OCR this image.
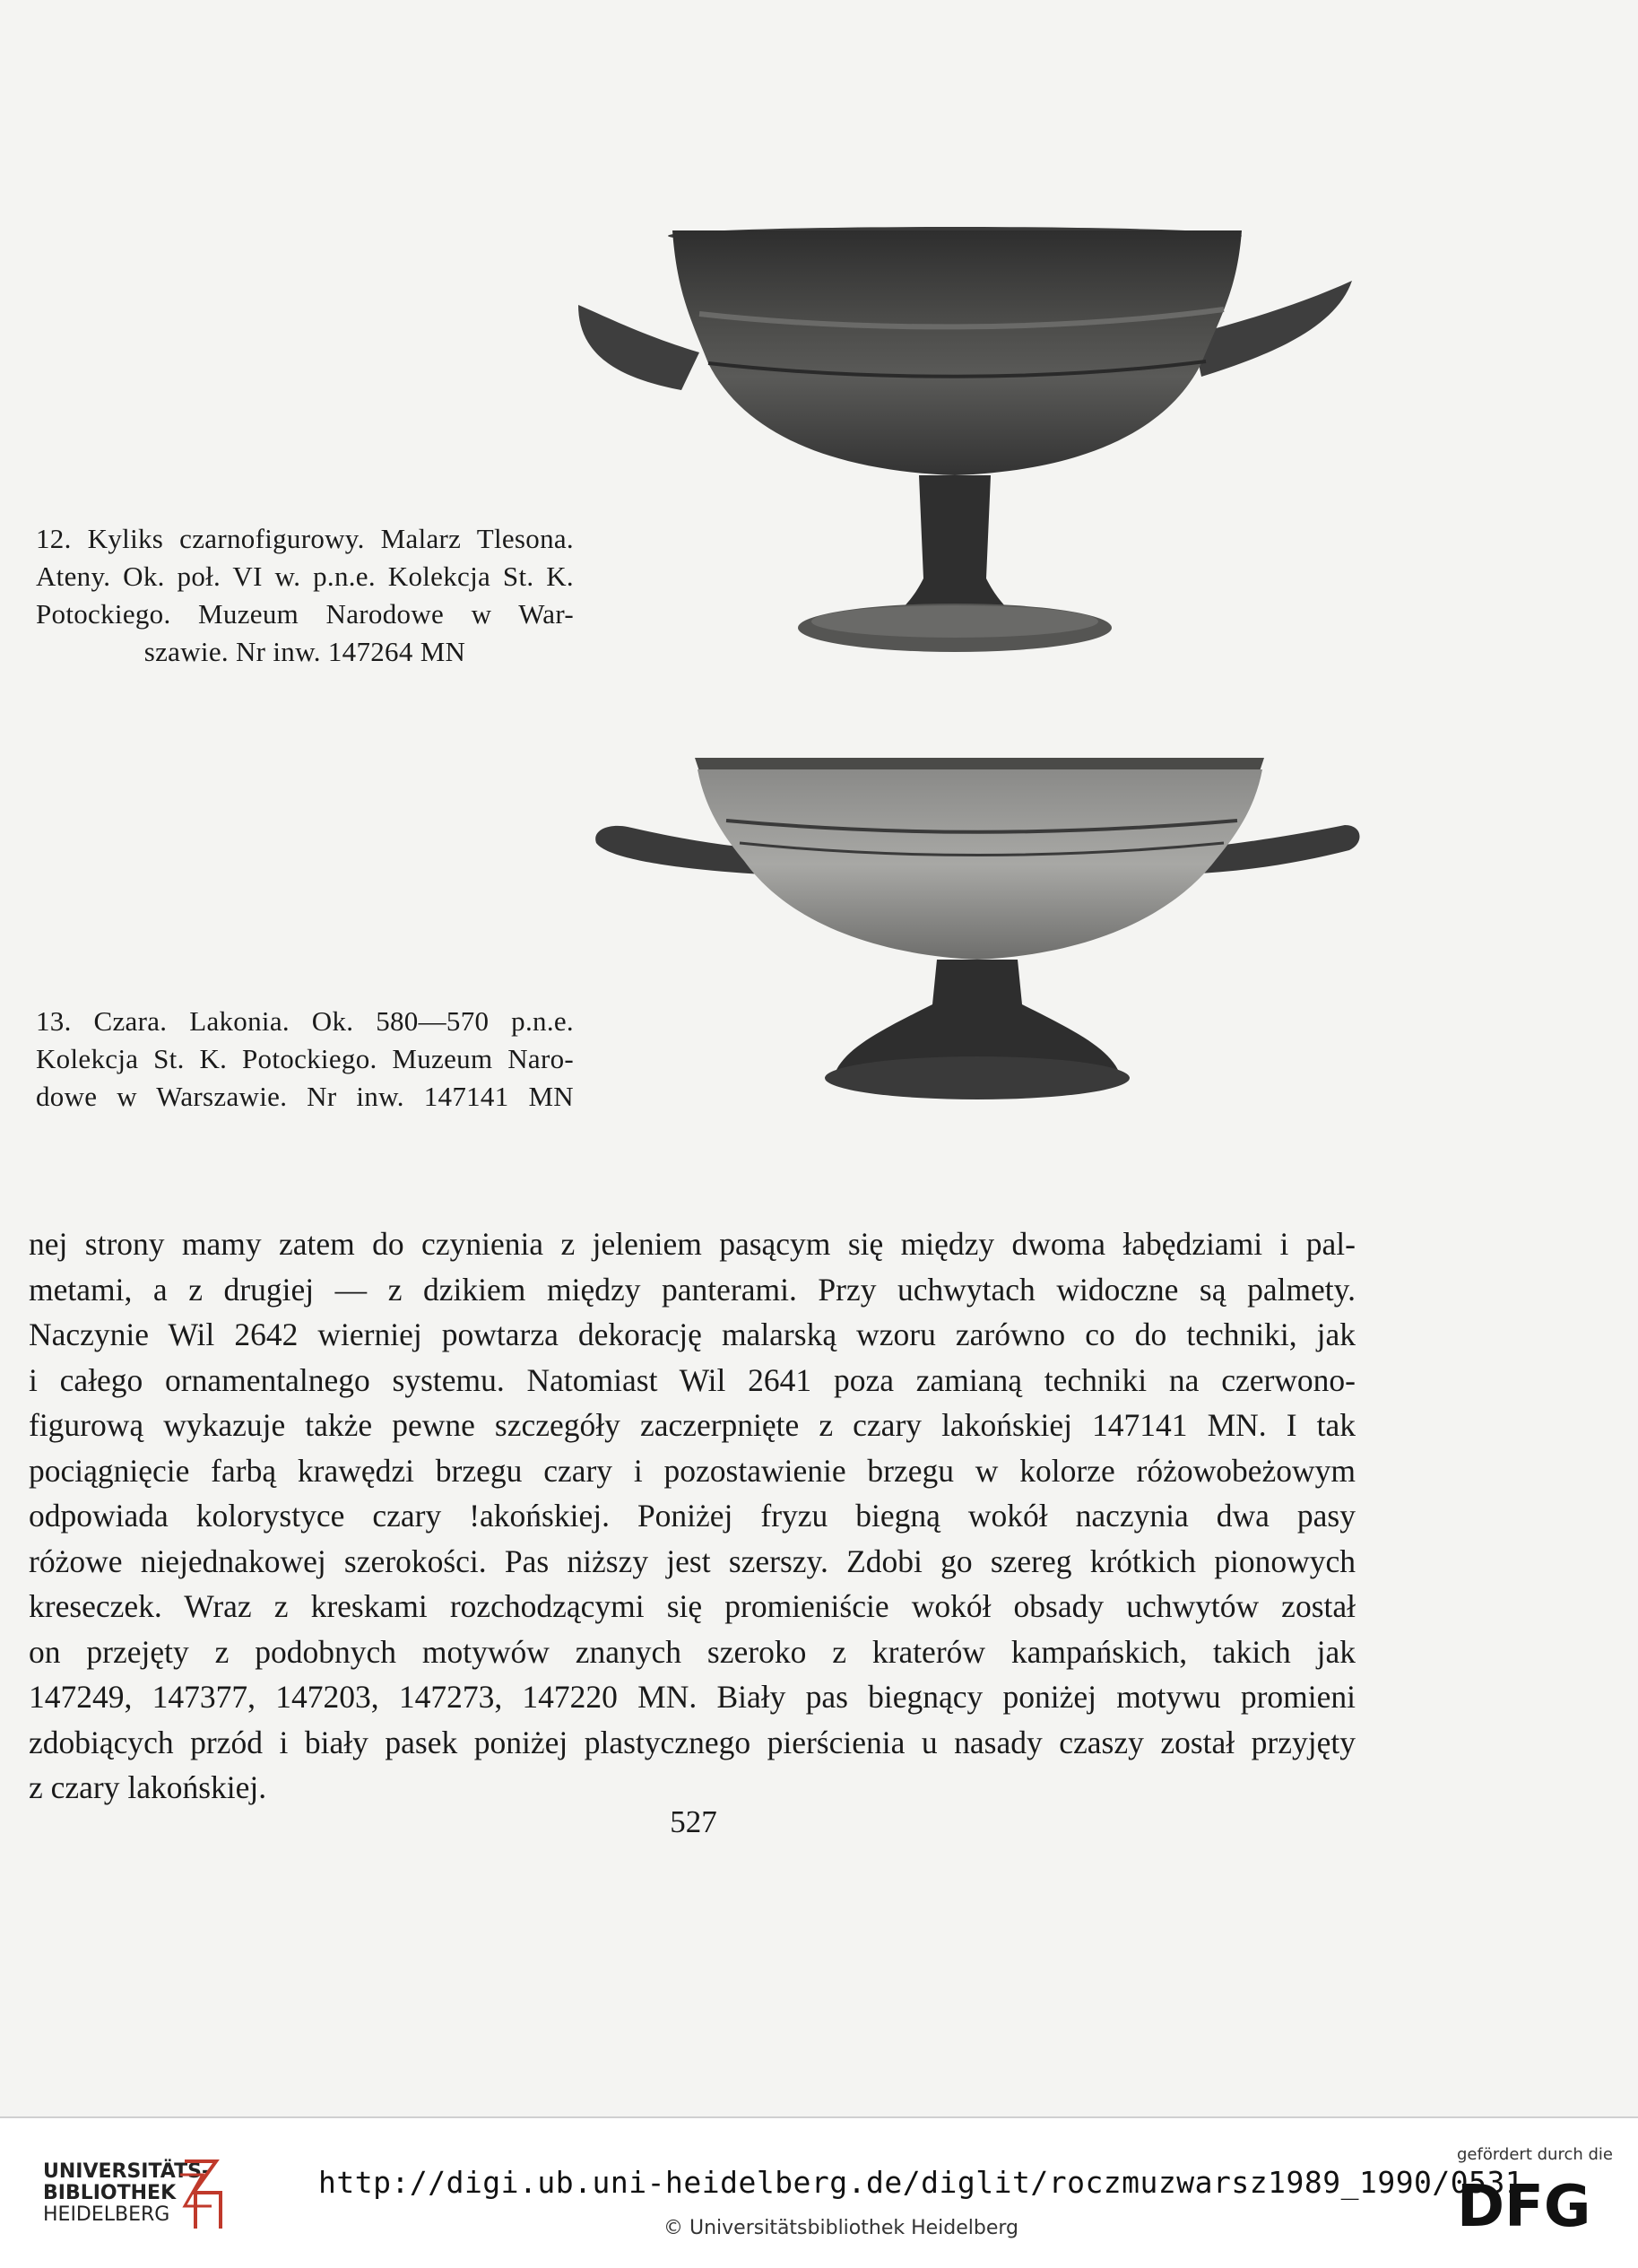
12. Kyliks czarnofigurowy. Malarz Tlesona.
Ateny. Ok. poł. VI w. p.n.e. Kolekcja St. K.
Potockiego. Muzeum Narodowe w War-
szawie. Nr inw. 147264 MN
13. Czara. Lakonia. Ok. 580—570 p.n.e.
Kolekcja St. K. Potockiego. Muzeum Naro-
dowe w Warszawie. Nr inw. 147141 MN
nej strony mamy zatem do czynienia z jeleniem pasącym się między dwoma łabędziami i pal-
metami, a z drugiej — z dzikiem między panterami. Przy uchwytach widoczne są palmety.
Naczynie Wil 2642 wierniej powtarza dekorację malarską wzoru zarówno co do techniki, jak
i całego ornamentalnego systemu. Natomiast Wil 2641 poza zamianą techniki na czerwono-
figurową wykazuje także pewne szczegóły zaczerpnięte z czary lakońskiej 147141 MN. I tak
pociągnięcie farbą krawędzi brzegu czary i pozostawienie brzegu w kolorze różowobeżowym
odpowiada kolorystyce czary !akońskiej. Poniżej fryzu biegną wokół naczynia dwa pasy
różowe niejednakowej szerokości. Pas niższy jest szerszy. Zdobi go szereg krótkich pionowych
kreseczek. Wraz z kreskami rozchodzącymi się promieniście wokół obsady uchwytów został
on przejęty z podobnych motywów znanych szeroko z kraterów kampańskich, takich jak
147249, 147377, 147203, 147273, 147220 MN. Biały pas biegnący poniżej motywu promieni
zdobiących przód i biały pasek poniżej plastycznego pierścienia u nasady czaszy został przyjęty
z czary lakońskiej.
527
UNIVERSITÄTS-
BIBLIOTHEK
HEIDELBERG
http://digi.ub.uni-heidelberg.de/diglit/roczmuzwarsz1989_1990/0531
© Universitätsbibliothek Heidelberg
gefördert durch die
DFG
